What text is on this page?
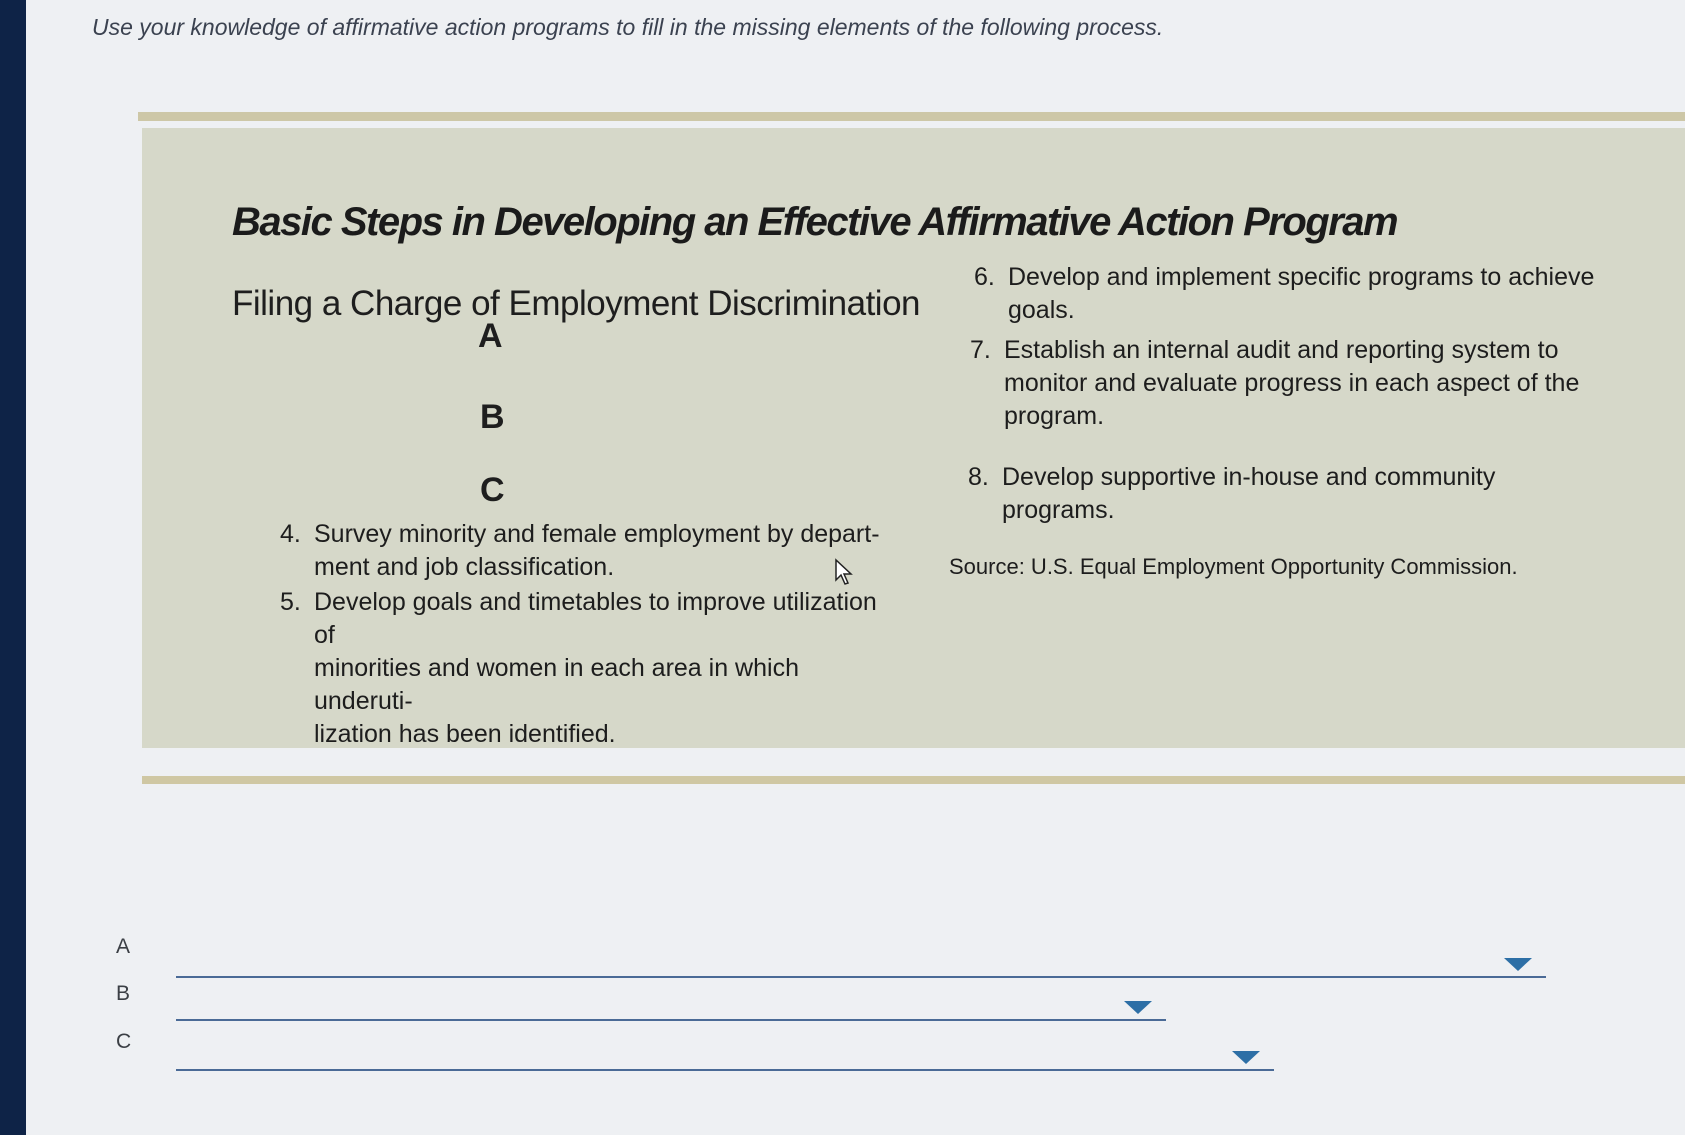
Use your knowledge of affirmative action programs to fill in the missing elements of the following process.
Basic Steps in Developing an Effective Affirmative Action Program
Filing a Charge of Employment Discrimination
A
B
C
4. Survey minority and female employment by depart-
ment and job classification.
5. Develop goals and timetables to improve utilization of
minorities and women in each area in which underuti-
lization has been identified.
6. Develop and implement specific programs to achieve
goals.
7. Establish an internal audit and reporting system to
monitor and evaluate progress in each aspect of the
program.
8. Develop supportive in-house and community
programs.
Source: U.S. Equal Employment Opportunity Commission.
A
B
C
